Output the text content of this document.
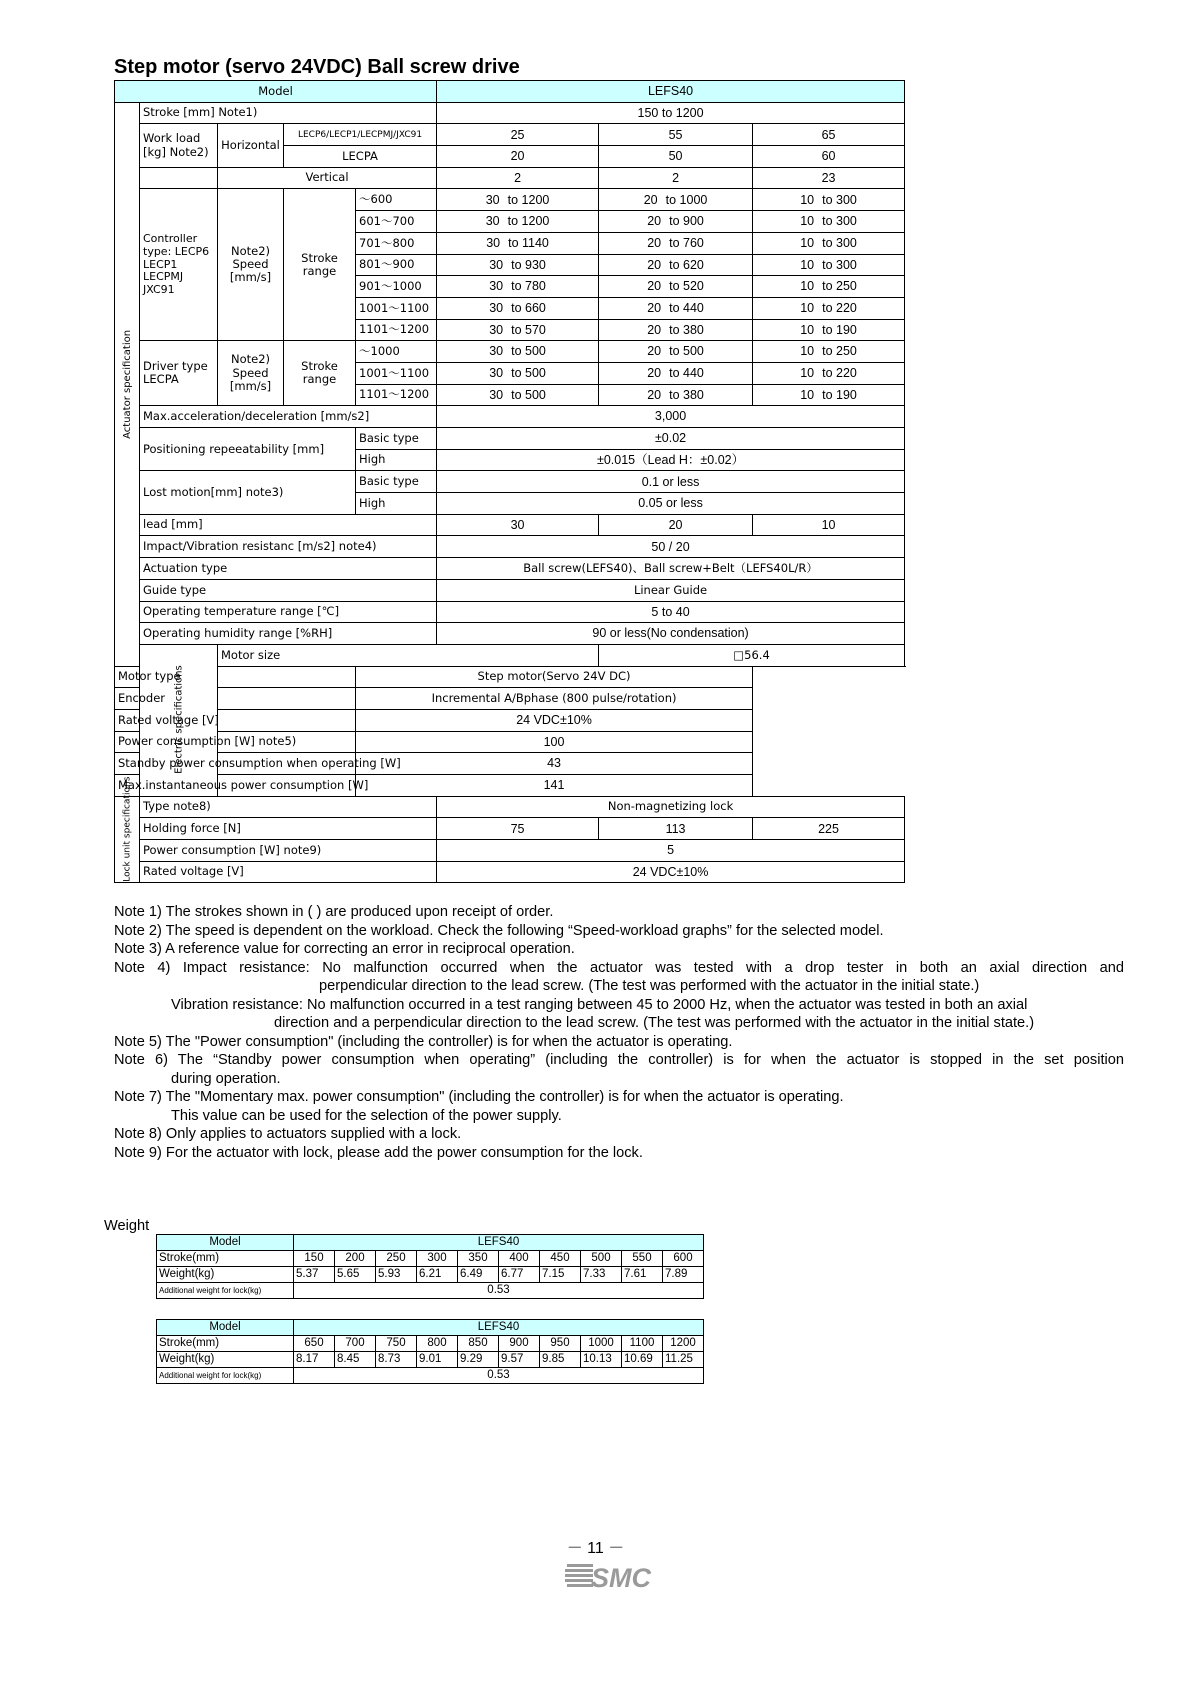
Step motor (servo 24VDC) Ball screw drive
Model					LEFS40		
Actuator specification	Stroke [mm] Note1)				150 to 1200		
	Work load [kg] Note2)	Horizontal	LECP6/LECP1/LECPMJ/JXC91		25	55	65
			LECPA		20	50	60
		Vertical			2	2	23
	Controller type: LECP6 LECP1 LECPMJ JXC91	Note2) Speed [mm/s]	Stroke range	～600	30 to 1200	20 to 1000	10 to 300

				601～700	30 to 1200	20 to 900	10 to 300

				701～800	30 to 1140	20 to 760	10 to 300

				801～900	30 to 930	20 to 620	10 to 300

				901～1000	30 to 780	20 to 520	10 to 250

				1001～1100	30 to 660	20 to 440	10 to 220

				1101～1200	30 to 570	20 to 380	10 to 190

	Driver type LECPA	Note2) Speed [mm/s]	Stroke range	～1000	30 to 500	20 to 500	10 to 250

				1001～1100	30 to 500	20 to 440	10 to 220

				1101～1200	30 to 500	20 to 380	10 to 190

	Max.acceleration/deceleration [mm/s2]				3,000		
	Positioning repeeatability [mm]			Basic type	±0.02		
				High	±0.015（Lead H：±0.02）		
	Lost motion[mm] note3)			Basic type	0.1 or less		
				High	0.05 or less		
	lead [mm]				30	20	10
	Impact/Vibration resistanc [m/s2] note4)				50 / 20		
	Actuation type				Ball screw(LEFS40)、Ball screw+Belt（LEFS40L/R）		
	Guide type				Linear Guide		
	Operating temperature range [℃]				5 to 40		
	Operating humidity range [%RH]				90 or less(No condensation)		
	Electric specifications	Motor size				□56.4	
Motor type				Step motor(Servo 24V DC)			
Encoder				Incremental A/Bphase (800 pulse/rotation)			
Rated voltage [V]				24 VDC±10%			
Power consumption [W] note5)				100			
Standby power consumption when operating [W]				43			
Max.instantaneous power consumption [W]				141			
Lock unit specifications	Type note8)				Non-magnetizing lock		
	Holding force [N]				75	113	225
	Power consumption [W] note9)				5		
	Rated voltage [V]				24 VDC±10%		

Note 1) The strokes shown in ( ) are produced upon receipt of order.

Note 2) The speed is dependent on the workload. Check the following “Speed-workload graphs” for the selected model.

Note 3) A reference value for correcting an error in reciprocal operation.

Note 4) Impact resistance: No malfunction occurred when the actuator was tested with a drop tester in both an axial direction and

perpendicular direction to the lead screw. (The test was performed with the actuator in the initial state.)

Vibration resistance: No malfunction occurred in a test ranging between 45 to 2000 Hz, when the actuator was tested in both an axial

direction and a perpendicular direction to the lead screw. (The test was performed with the actuator in the initial state.)

Note 5) The "Power consumption" (including the controller) is for when the actuator is operating.

Note 6) The “Standby power consumption when operating” (including the controller) is for when the actuator is stopped in the set position

during operation.

Note 7) The "Momentary max. power consumption" (including the controller) is for when the actuator is operating.

This value can be used for the selection of the power supply.

Note 8) Only applies to actuators supplied with a lock.

Note 9) For the actuator with lock, please add the power consumption for the lock.

Weight
Model	LEFS40									
Stroke(mm)	150	200	250	300	350	400	450	500	550	600
Weight(kg)	5.37	5.65	5.93	6.21	6.49	6.77	7.15	7.33	7.61	7.89
Additional weight for lock(kg)	0.53									
Model	LEFS40									
Stroke(mm)	650	700	750	800	850	900	950	1000	1100	1200
Weight(kg)	8.17	8.45	8.73	9.01	9.29	9.57	9.85	10.13	10.69	11.25
Additional weight for lock(kg)	0.53									
－ 11 －
SMC
